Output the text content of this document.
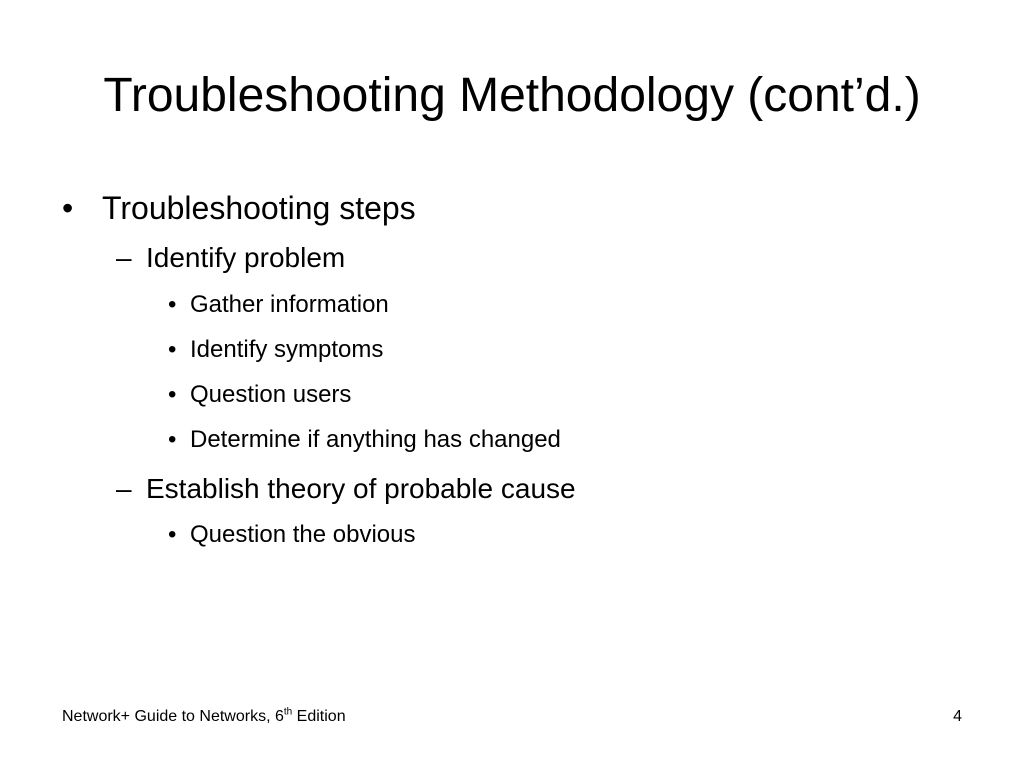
Troubleshooting Methodology (cont’d.)
• Troubleshooting steps
– Identify problem
• Gather information
• Identify symptoms
• Question users
• Determine if anything has changed
– Establish theory of probable cause
• Question the obvious
Network+ Guide to Networks, 6th Edition	4
